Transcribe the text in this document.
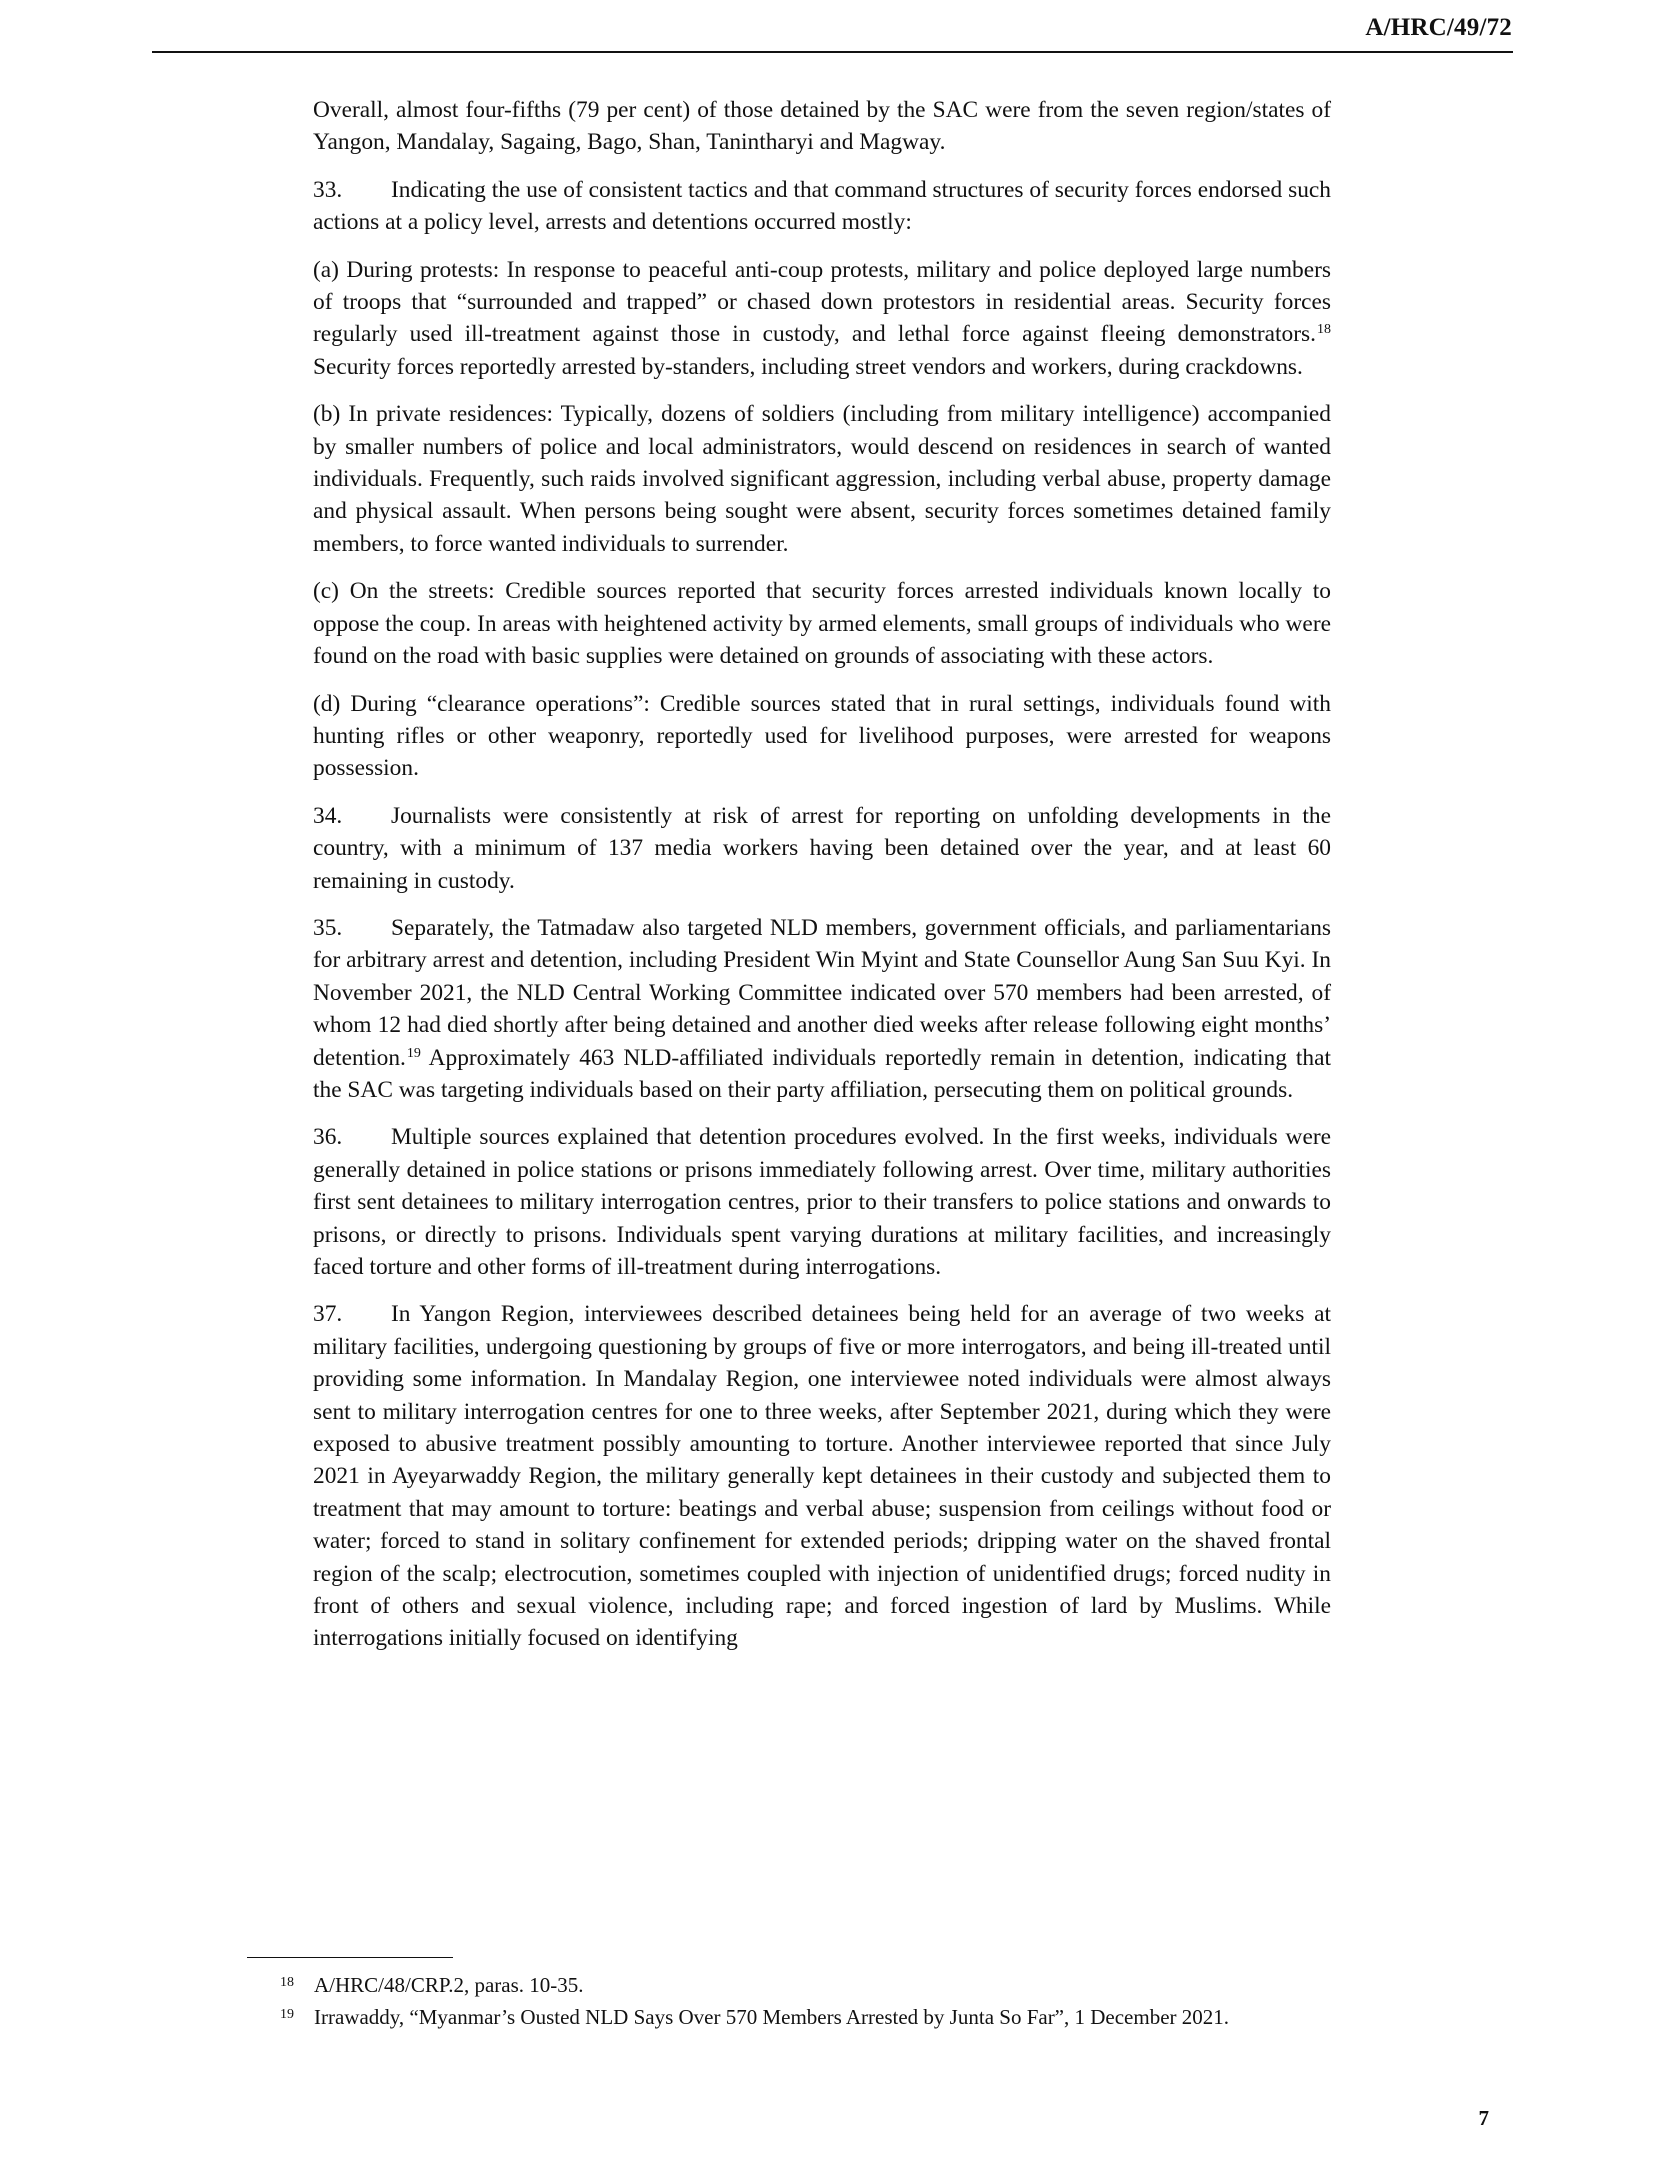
A/HRC/49/72

Overall, almost four-fifths (79 per cent) of those detained by the SAC were from the seven region/states of Yangon, Mandalay, Sagaing, Bago, Shan, Tanintharyi and Magway.

33. Indicating the use of consistent tactics and that command structures of security forces endorsed such actions at a policy level, arrests and detentions occurred mostly:

(a) During protests: In response to peaceful anti-coup protests, military and police deployed large numbers of troops that “surrounded and trapped” or chased down protestors in residential areas. Security forces regularly used ill-treatment against those in custody, and lethal force against fleeing demonstrators.$^{18}$ Security forces reportedly arrested by-standers, including street vendors and workers, during crackdowns.

(b) In private residences: Typically, dozens of soldiers (including from military intelligence) accompanied by smaller numbers of police and local administrators, would descend on residences in search of wanted individuals. Frequently, such raids involved significant aggression, including verbal abuse, property damage and physical assault. When persons being sought were absent, security forces sometimes detained family members, to force wanted individuals to surrender.

(c) On the streets: Credible sources reported that security forces arrested individuals known locally to oppose the coup. In areas with heightened activity by armed elements, small groups of individuals who were found on the road with basic supplies were detained on grounds of associating with these actors.

(d) During “clearance operations”: Credible sources stated that in rural settings, individuals found with hunting rifles or other weaponry, reportedly used for livelihood purposes, were arrested for weapons possession.

34. Journalists were consistently at risk of arrest for reporting on unfolding developments in the country, with a minimum of 137 media workers having been detained over the year, and at least 60 remaining in custody.

35. Separately, the Tatmadaw also targeted NLD members, government officials, and parliamentarians for arbitrary arrest and detention, including President Win Myint and State Counsellor Aung San Suu Kyi. In November 2021, the NLD Central Working Committee indicated over 570 members had been arrested, of whom 12 had died shortly after being detained and another died weeks after release following eight months’ detention.$^{19}$ Approximately 463 NLD-affiliated individuals reportedly remain in detention, indicating that the SAC was targeting individuals based on their party affiliation, persecuting them on political grounds.

36. Multiple sources explained that detention procedures evolved. In the first weeks, individuals were generally detained in police stations or prisons immediately following arrest. Over time, military authorities first sent detainees to military interrogation centres, prior to their transfers to police stations and onwards to prisons, or directly to prisons. Individuals spent varying durations at military facilities, and increasingly faced torture and other forms of ill-treatment during interrogations.

37. In Yangon Region, interviewees described detainees being held for an average of two weeks at military facilities, undergoing questioning by groups of five or more interrogators, and being ill-treated until providing some information. In Mandalay Region, one interviewee noted individuals were almost always sent to military interrogation centres for one to three weeks, after September 2021, during which they were exposed to abusive treatment possibly amounting to torture. Another interviewee reported that since July 2021 in Ayeyarwaddy Region, the military generally kept detainees in their custody and subjected them to treatment that may amount to torture: beatings and verbal abuse; suspension from ceilings without food or water; forced to stand in solitary confinement for extended periods; dripping water on the shaved frontal region of the scalp; electrocution, sometimes coupled with injection of unidentified drugs; forced nudity in front of others and sexual violence, including rape; and forced ingestion of lard by Muslims. While interrogations initially focused on identifying

18 A/HRC/48/CRP.2, paras. 10-35.
19 Irrawaddy, “Myanmar’s Ousted NLD Says Over 570 Members Arrested by Junta So Far”, 1 December 2021.
7
